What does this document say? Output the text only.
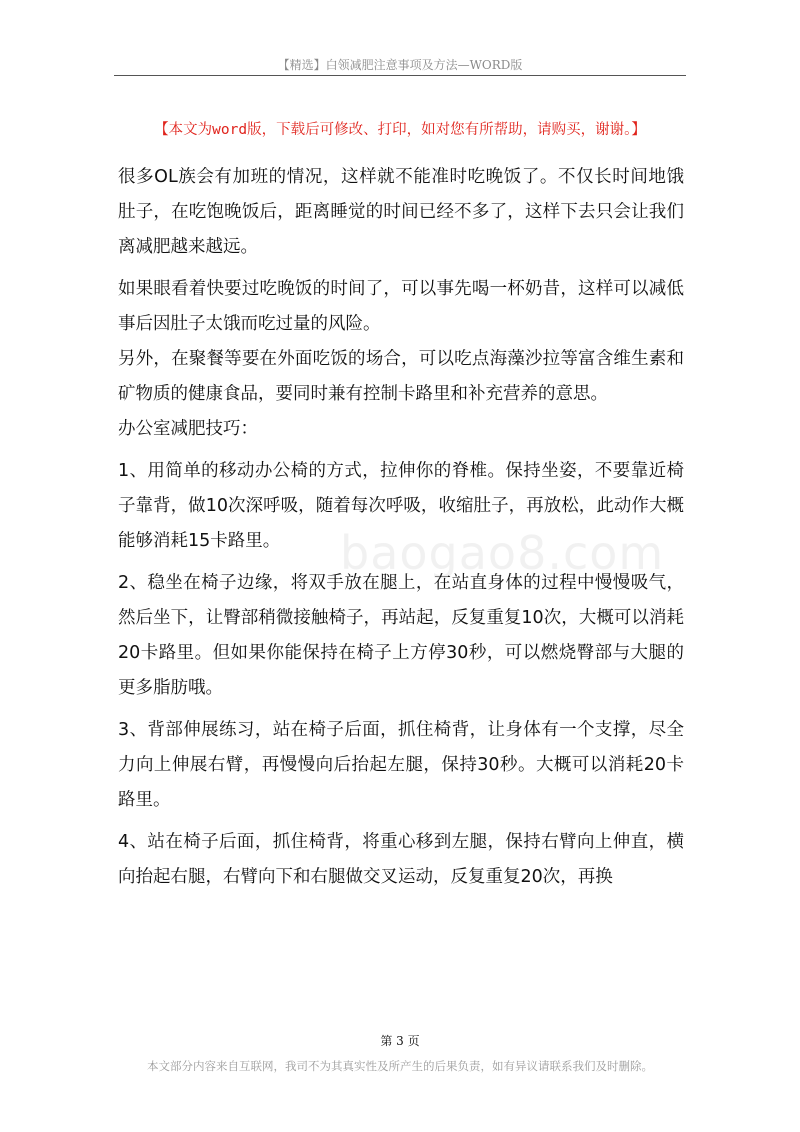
【精选】白领减肥注意事项及方法—WORD版
【本文为word版，下载后可修改、打印，如对您有所帮助，请购买，谢谢。】
baogao8.com

很多OL族会有加班的情况，这样就不能准时吃晚饭了。不仅长时间地饿肚子，在吃饱晚饭后，距离睡觉的时间已经不多了，这样下去只会让我们离减肥越来越远。

如果眼看着快要过吃晚饭的时间了，可以事先喝一杯奶昔，这样可以减低事后因肚子太饿而吃过量的风险。

另外，在聚餐等要在外面吃饭的场合，可以吃点海藻沙拉等富含维生素和矿物质的健康食品，要同时兼有控制卡路里和补充营养的意思。

办公室减肥技巧：

1、用简单的移动办公椅的方式，拉伸你的脊椎。保持坐姿，不要靠近椅子靠背，做10次深呼吸，随着每次呼吸，收缩肚子，再放松，此动作大概能够消耗15卡路里。

2、稳坐在椅子边缘，将双手放在腿上，在站直身体的过程中慢慢吸气，然后坐下，让臀部稍微接触椅子，再站起，反复重复10次，大概可以消耗20卡路里。但如果你能保持在椅子上方停30秒，可以燃烧臀部与大腿的更多脂肪哦。

3、背部伸展练习，站在椅子后面，抓住椅背，让身体有一个支撑，尽全力向上伸展右臂，再慢慢向后抬起左腿，保持30秒。大概可以消耗20卡路里。

4、站在椅子后面，抓住椅背，将重心移到左腿，保持右臂向上伸直，横向抬起右腿，右臂向下和右腿做交叉运动，反复重复20次，再换

第 3 页
本文部分内容来自互联网，我司不为其真实性及所产生的后果负责，如有异议请联系我们及时删除。
